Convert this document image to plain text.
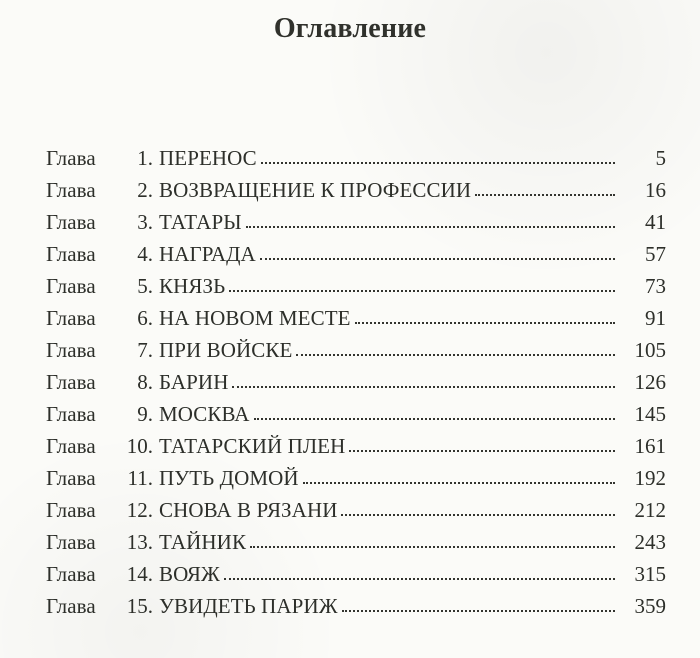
Оглавление
Глава	1. ПЕРЕНОС	5
Глава	2. ВОЗВРАЩЕНИЕ К ПРОФЕССИИ	16
Глава	3. ТАТАРЫ	41
Глава	4. НАГРАДА	57
Глава	5. КНЯЗЬ	73
Глава	6. НА НОВОМ МЕСТЕ	91
Глава	7. ПРИ ВОЙСКЕ	105
Глава	8. БАРИН	126
Глава	9. МОСКВА	145
Глава	10. ТАТАРСКИЙ ПЛЕН	161
Глава	11. ПУТЬ ДОМОЙ	192
Глава	12. СНОВА В РЯЗАНИ	212
Глава	13. ТАЙНИК	243
Глава	14. ВОЯЖ	315
Глава	15. УВИДЕТЬ ПАРИЖ	359
